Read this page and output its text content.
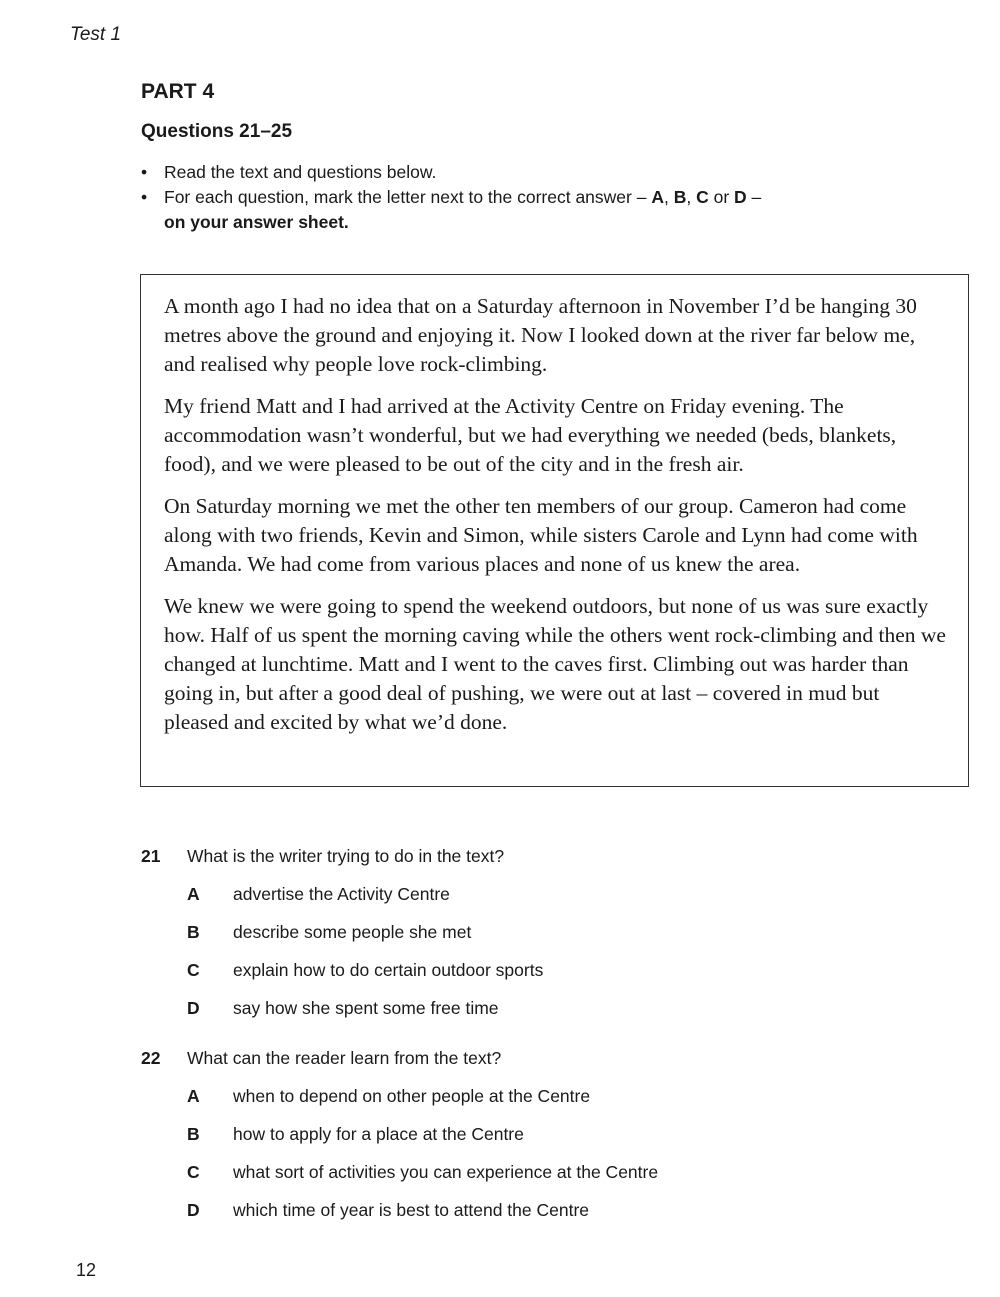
Test 1
PART 4
Questions 21–25
• Read the text and questions below.
• For each question, mark the letter next to the correct answer – A, B, C or D –
on your answer sheet.

A month ago I had no idea that on a Saturday afternoon in November I’d be hanging 30 metres above the ground and enjoying it. Now I looked down at the river far below me, and realised why people love rock-climbing.

My friend Matt and I had arrived at the Activity Centre on Friday evening. The accommodation wasn’t wonderful, but we had everything we needed (beds, blankets, food), and we were pleased to be out of the city and in the fresh air.

On Saturday morning we met the other ten members of our group. Cameron had come along with two friends, Kevin and Simon, while sisters Carole and Lynn had come with Amanda. We had come from various places and none of us knew the area.

We knew we were going to spend the weekend outdoors, but none of us was sure exactly how. Half of us spent the morning caving while the others went rock-climbing and then we changed at lunchtime. Matt and I went to the caves first. Climbing out was harder than going in, but after a good deal of pushing, we were out at last – covered in mud but pleased and excited by what we’d done.

21 What is the writer trying to do in the text?
A advertise the Activity Centre
B describe some people she met
C explain how to do certain outdoor sports
D say how she spent some free time
22 What can the reader learn from the text?
A when to depend on other people at the Centre
B how to apply for a place at the Centre
C what sort of activities you can experience at the Centre
D which time of year is best to attend the Centre
12
